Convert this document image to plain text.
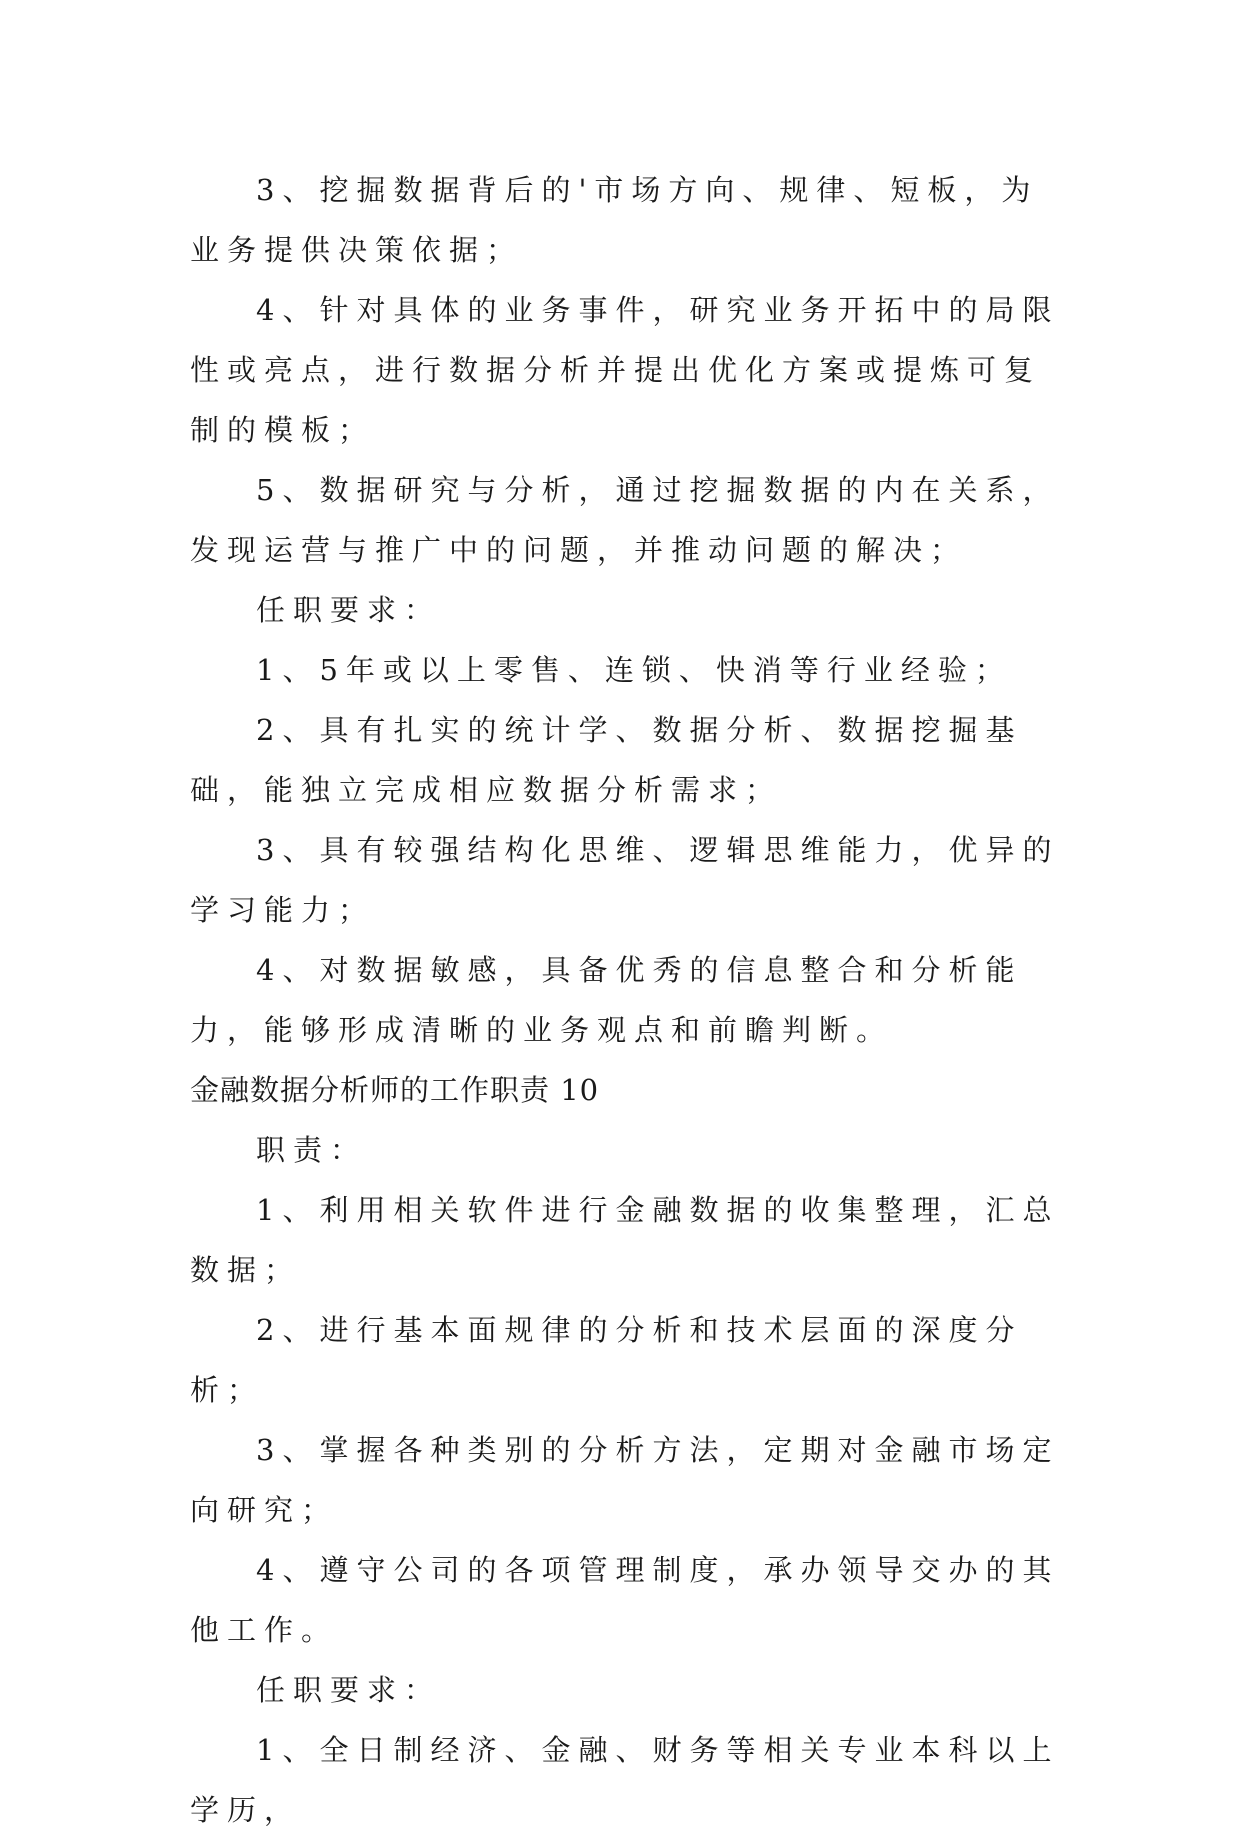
3、挖掘数据背后的'市场方向、规律、短板，为业务提供决策依据；

4、针对具体的业务事件，研究业务开拓中的局限性或亮点，进行数据分析并提出优化方案或提炼可复制的模板；

5、数据研究与分析，通过挖掘数据的内在关系，发现运营与推广中的问题，并推动问题的解决；

任职要求：

1、5年或以上零售、连锁、快消等行业经验；

2、具有扎实的统计学、数据分析、数据挖掘基础，能独立完成相应数据分析需求；

3、具有较强结构化思维、逻辑思维能力，优异的学习能力；

4、对数据敏感，具备优秀的信息整合和分析能力，能够形成清晰的业务观点和前瞻判断。

金融数据分析师的工作职责 10

职责：

1、利用相关软件进行金融数据的收集整理，汇总数据；

2、进行基本面规律的分析和技术层面的深度分析；

3、掌握各种类别的分析方法，定期对金融市场定向研究；

4、遵守公司的各项管理制度，承办领导交办的其他工作。

任职要求：

1、全日制经济、金融、财务等相关专业本科以上学历，
